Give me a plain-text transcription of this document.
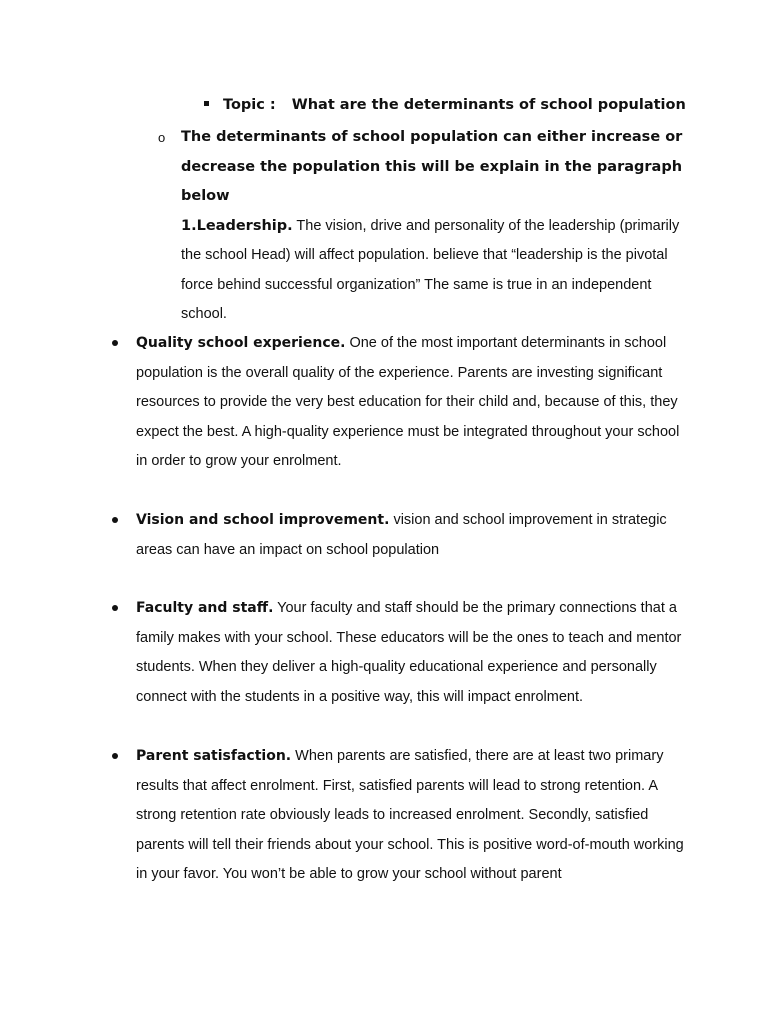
Topic : What are the determinants of school population
o The determinants of school population can either increase or decrease the population this will be explain in the paragraph below
1.Leadership. The vision, drive and personality of the leadership (primarily the school Head) will affect population. believe that “leadership is the pivotal force behind successful organization” The same is true in an independent school.

Quality school experience. One of the most important determinants in school population is the overall quality of the experience. Parents are investing significant resources to provide the very best education for their child and, because of this, they expect the best. A high-quality experience must be integrated throughout your school in order to grow your enrolment.
Vision and school improvement. vision and school improvement in strategic areas can have an impact on school population
Faculty and staff. Your faculty and staff should be the primary connections that a family makes with your school. These educators will be the ones to teach and mentor students. When they deliver a high-quality educational experience and personally connect with the students in a positive way, this will impact enrolment.
Parent satisfaction. When parents are satisfied, there are at least two primary results that affect enrolment. First, satisfied parents will lead to strong retention. A strong retention rate obviously leads to increased enrolment. Secondly, satisfied parents will tell their friends about your school. This is positive word-of-mouth working in your favor. You won’t be able to grow your school without parent
